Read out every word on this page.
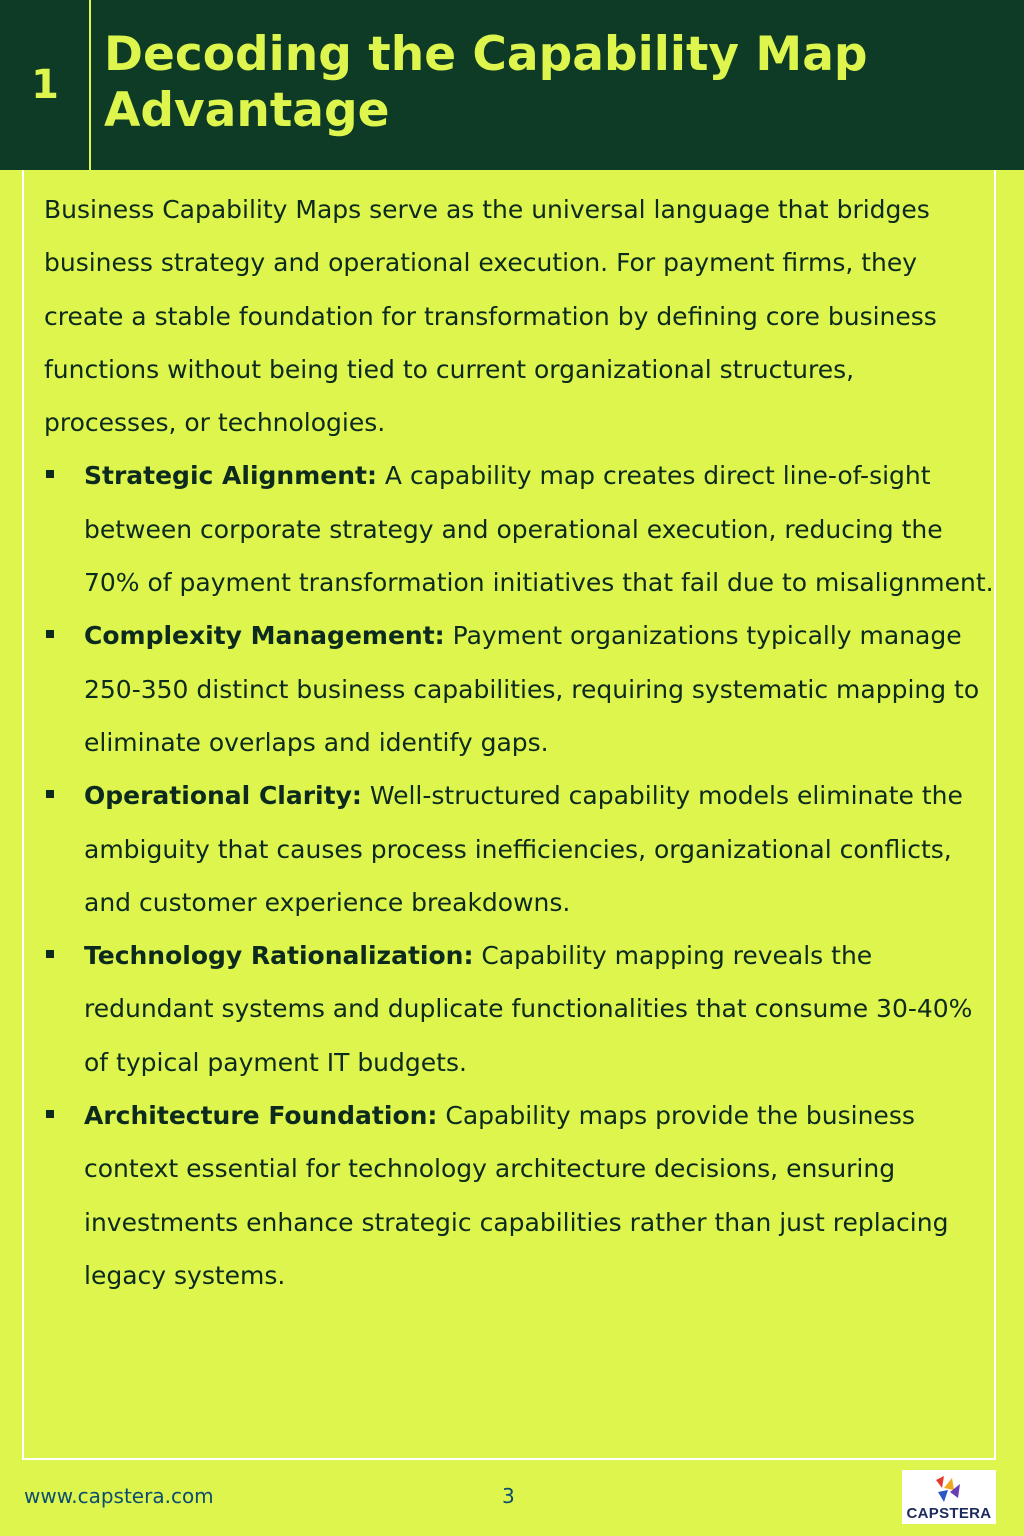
1
Decoding the Capability Map Advantage

Business Capability Maps serve as the universal language that bridges business strategy and operational execution. For payment firms, they create a stable foundation for transformation by defining core business functions without being tied to current organizational structures, processes, or technologies.

Strategic Alignment: A capability map creates direct line-of-sight between corporate strategy and operational execution, reducing the 70% of payment transformation initiatives that fail due to misalignment.
Complexity Management: Payment organizations typically manage 250-350 distinct business capabilities, requiring systematic mapping to eliminate overlaps and identify gaps.
Operational Clarity: Well-structured capability models eliminate the ambiguity that causes process inefficiencies, organizational conflicts, and customer experience breakdowns.
Technology Rationalization: Capability mapping reveals the redundant systems and duplicate functionalities that consume 30-40% of typical payment IT budgets.
Architecture Foundation: Capability maps provide the business context essential for technology architecture decisions, ensuring investments enhance strategic capabilities rather than just replacing legacy systems.
www.capstera.com	3
CAPSTERA
